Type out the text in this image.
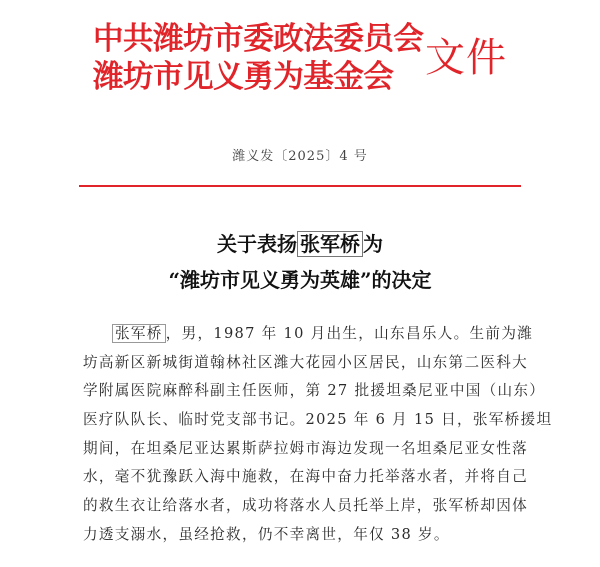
中共潍坊市委政法委员会
潍坊市见义勇为基金会 文件
潍义发〔2025〕4 号
关于表扬 张军桥 为
“潍坊市见义勇为英雄”的决定
张军桥 ，男，1987 年 10 月出生，山东昌乐人。生前为潍
坊高新区新城街道翰林社区潍大花园小区居民，山东第二医科大
学附属医院麻醉科副主任医师，第 27 批援坦桑尼亚中国（山东）
医疗队队长、临时党支部书记。2025 年 6 月 15 日，张军桥援坦
期间，在坦桑尼亚达累斯萨拉姆市海边发现一名坦桑尼亚女性落
水，毫不犹豫跃入海中施救，在海中奋力托举落水者，并将自己
的救生衣让给落水者，成功将落水人员托举上岸，张军桥却因体
力透支溺水，虽经抢救，仍不幸离世，年仅 38 岁。
